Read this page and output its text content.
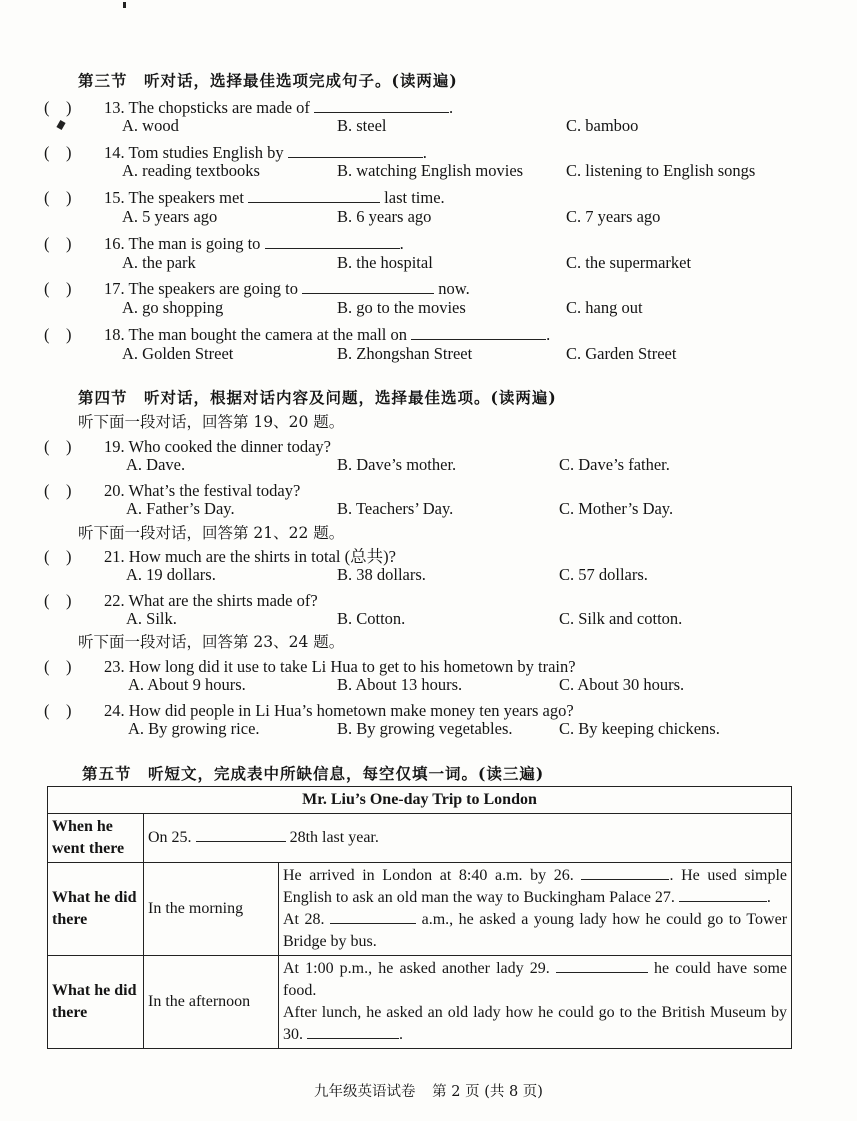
第三节　听对话，选择最佳选项完成句子。(读两遍)
(　) 13. The chopsticks are made of	.
A. wood	B. steel	C. bamboo
(　) 14. Tom studies English by	.
A. reading textbooks	B. watching English movies	C. listening to English songs
(　) 15. The speakers met	last time.
A. 5 years ago	B. 6 years ago	C. 7 years ago
(　) 16. The man is going to	.
A. the park	B. the hospital	C. the supermarket
(　) 17. The speakers are going to	now.
A. go shopping	B. go to the movies	C. hang out
(　) 18. The man bought the camera at the mall on	.
A. Golden Street	B. Zhongshan Street	C. Garden Street
第四节　听对话，根据对话内容及问题，选择最佳选项。(读两遍)
听下面一段对话，回答第 19、20 题。
(　) 19. Who cooked the dinner today?
A. Dave.	B. Dave’s mother.	C. Dave’s father.
(　) 20. What’s the festival today?
A. Father’s Day.	B. Teachers’ Day.	C. Mother’s Day.
听下面一段对话，回答第 21、22 题。
(　) 21. How much are the shirts in total (总共)?
A. 19 dollars.	B. 38 dollars.	C. 57 dollars.
(　) 22. What are the shirts made of?
A. Silk.	B. Cotton.	C. Silk and cotton.
听下面一段对话，回答第 23、24 题。
(　) 23. How long did it use to take Li Hua to get to his hometown by train?
A. About 9 hours.	B. About 13 hours.	C. About 30 hours.
(　) 24. How did people in Li Hua’s hometown make money ten years ago?
A. By growing rice.	B. By growing vegetables.	C. By keeping chickens.
第五节　听短文，完成表中所缺信息，每空仅填一词。(读三遍)
Mr. Liu’s One-day Trip to London		
When he went there	On 25. 28th last year.	
What he did there	In the morning	He arrived in London at 8:40 a.m. by 26. . He used simple English to ask an old man the way to Buckingham Palace 27. .
At 28. a.m., he asked a young lady how he could go to Tower Bridge by bus.
What he did there	In the afternoon	At 1:00 p.m., he asked another lady 29. he could have some food.
After lunch, he asked an old lady how he could go to the British Museum by 30. .
九年级英语试卷 第 2 页 (共 8 页)
